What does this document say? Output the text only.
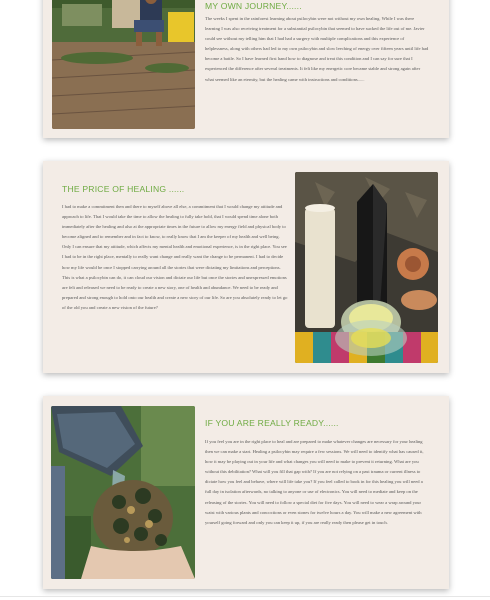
MY OWN JOURNEY......

The weeks I spent in the rainforest learning about psilocybin were not without my own healing. While I was there learning I was also receiving treatment for a substantial psilocybin that seemed to have sucked the life out of me. Javier could see without my telling him that I had had a surgery with multiple complications and this experience of helplessness, along with others had led to my own psilocybin and slow leeching of energy over fifteen years until life had become a battle. So I have learned first hand how to diagnose and treat this condition and I can say for sure that I experienced the difference after several treatments. It felt like my energetic core became stable and strong again after what seemed like an eternity, but the healing came with instructions and conditions......

THE PRICE OF HEALING ......

I had to make a commitment then and there to myself above all else, a commitment that I would change my attitude and approach to life. That I would take the time to allow the healing to fully take hold, that I would spend time alone both immediately after the healing and also at the appropriate times in the future to allow my energy field and physical body to become aligned and to remember and in fact to know, to really know that I am the keeper of my health and well being. Only I can ensure that my attitude, which affects my mental health and emotional experience, is in the right place. You see I had to be in the right place, mentally to really want change and really want the change to be permanent. I had to decide how my life would be once I stopped carrying around all the stories that were dictating my limitations and perceptions. This is what a psilocybin can do, it can cloud our vision and dictate our life but once the stories and unexpressed emotions are felt and released we need to be ready to create a new story, one of health and abundance. We need to be ready and prepared and strong enough to hold onto our health and create a new story of our life. So are you absolutely ready to let go of the old you and create a new vision of the future?

IF YOU ARE REALLY READY......

If you feel you are in the right place to heal and are prepared to make whatever changes are necessary for your healing then we can make a start. Healing a psilocybin may require a few sessions. We will need to identify what has caused it, how it may be playing out in your life and what changes you will need to make to prevent it returning. What are you without this debilitation? What will you fill that gap with? If you are not relying on a past trauma or current illness to dictate how you feel and behave, where will life take you? If you feel called to book in for this healing you will need a full day in isolation afterwards, no talking to anyone or use of electronics. You will need to mediate and keep on the releasing of the stories. You will need to follow a special diet for five days. You will need to wear a wrap around your waist with various plants and concoctions or even stones for twelve hours a day. You will make a new agreement with yourself going forward and only you can keep it up, if you are really ready then please get in touch.
